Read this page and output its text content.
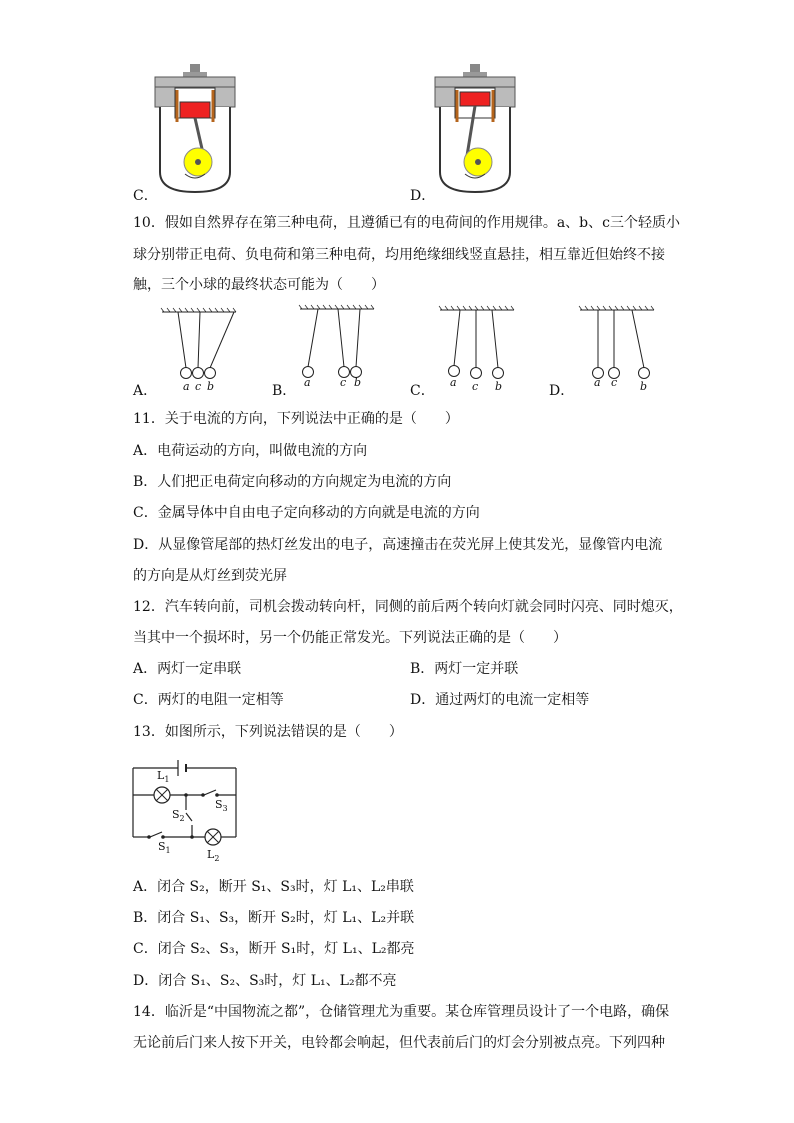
C．	D．
10．假如自然界存在第三种电荷，且遵循已有的电荷间的作用规律。a、b、c三个轻质小
球分别带正电荷、负电荷和第三种电荷，均用绝缘细线竖直悬挂，相互靠近但始终不接
触，三个小球的最终状态可能为（　　）
a c b
A．
a	c b
B．
a c b
C．
a c b
D．
11．关于电流的方向，下列说法中正确的是（　　）
A．电荷运动的方向，叫做电流的方向
B．人们把正电荷定向移动的方向规定为电流的方向
C．金属导体中自由电子定向移动的方向就是电流的方向
D．从显像管尾部的热灯丝发出的电子，高速撞击在荧光屏上使其发光，显像管内电流
的方向是从灯丝到荧光屏
12．汽车转向前，司机会拨动转向杆，同侧的前后两个转向灯就会同时闪亮、同时熄灭，
当其中一个损坏时，另一个仍能正常发光。下列说法正确的是（　　）
A．两灯一定串联	B．两灯一定并联
C．两灯的电阻一定相等	D．通过两灯的电流一定相等
13．如图所示，下列说法错误的是（　　）
$L_1$
$S_3$
$S_2$
$S_1$	$L_2$
A．闭合 S₂，断开 S₁、S₃时，灯 L₁、L₂串联
B．闭合 S₁、S₃，断开 S₂时，灯 L₁、L₂并联
C．闭合 S₂、S₃，断开 S₁时，灯 L₁、L₂都亮
D．闭合 S₁、S₂、S₃时，灯 L₁、L₂都不亮
14．临沂是“中国物流之都”，仓储管理尤为重要。某仓库管理员设计了一个电路，确保
无论前后门来人按下开关，电铃都会响起，但代表前后门的灯会分别被点亮。下列四种
